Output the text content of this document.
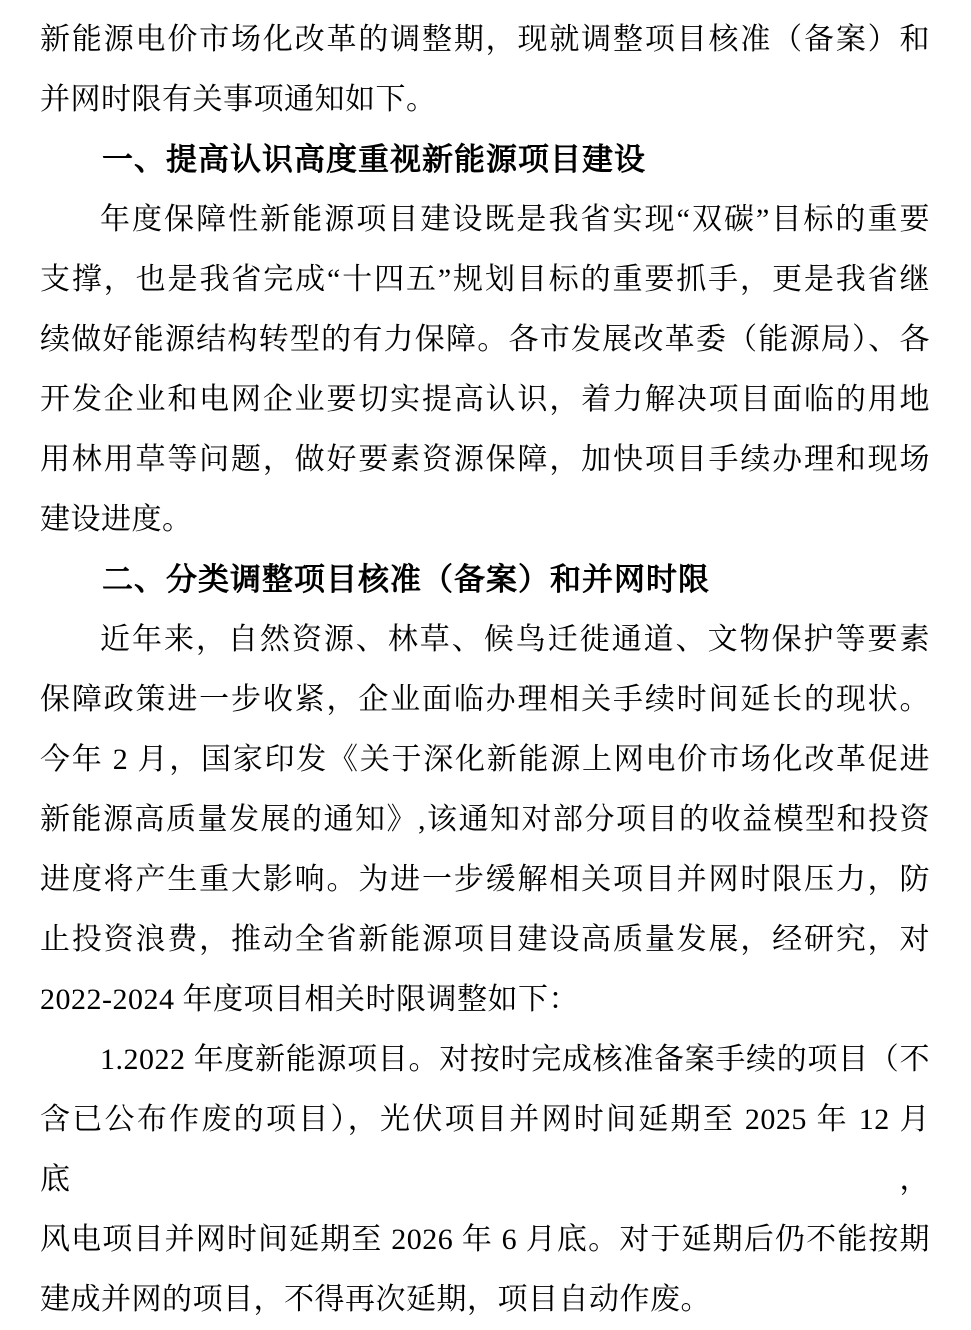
新能源电价市场化改革的调整期，现就调整项目核准（备案）和
并网时限有关事项通知如下。
一、提高认识高度重视新能源项目建设
年度保障性新能源项目建设既是我省实现“双碳”目标的重要
支撑，也是我省完成“十四五”规划目标的重要抓手，更是我省继
续做好能源结构转型的有力保障。各市发展改革委（能源局）、各
开发企业和电网企业要切实提高认识，着力解决项目面临的用地
用林用草等问题，做好要素资源保障，加快项目手续办理和现场
建设进度。
二、分类调整项目核准（备案）和并网时限
近年来，自然资源、林草、候鸟迁徙通道、文物保护等要素
保障政策进一步收紧，企业面临办理相关手续时间延长的现状。
今年 2 月，国家印发《关于深化新能源上网电价市场化改革促进
新能源高质量发展的通知》,该通知对部分项目的收益模型和投资
进度将产生重大影响。为进一步缓解相关项目并网时限压力，防
止投资浪费，推动全省新能源项目建设高质量发展，经研究，对
2022-2024 年度项目相关时限调整如下：
1.2022 年度新能源项目。对按时完成核准备案手续的项目（不
含已公布作废的项目），光伏项目并网时间延期至 2025 年 12 月底，
风电项目并网时间延期至 2026 年 6 月底。对于延期后仍不能按期
建成并网的项目，不得再次延期，项目自动作废。
